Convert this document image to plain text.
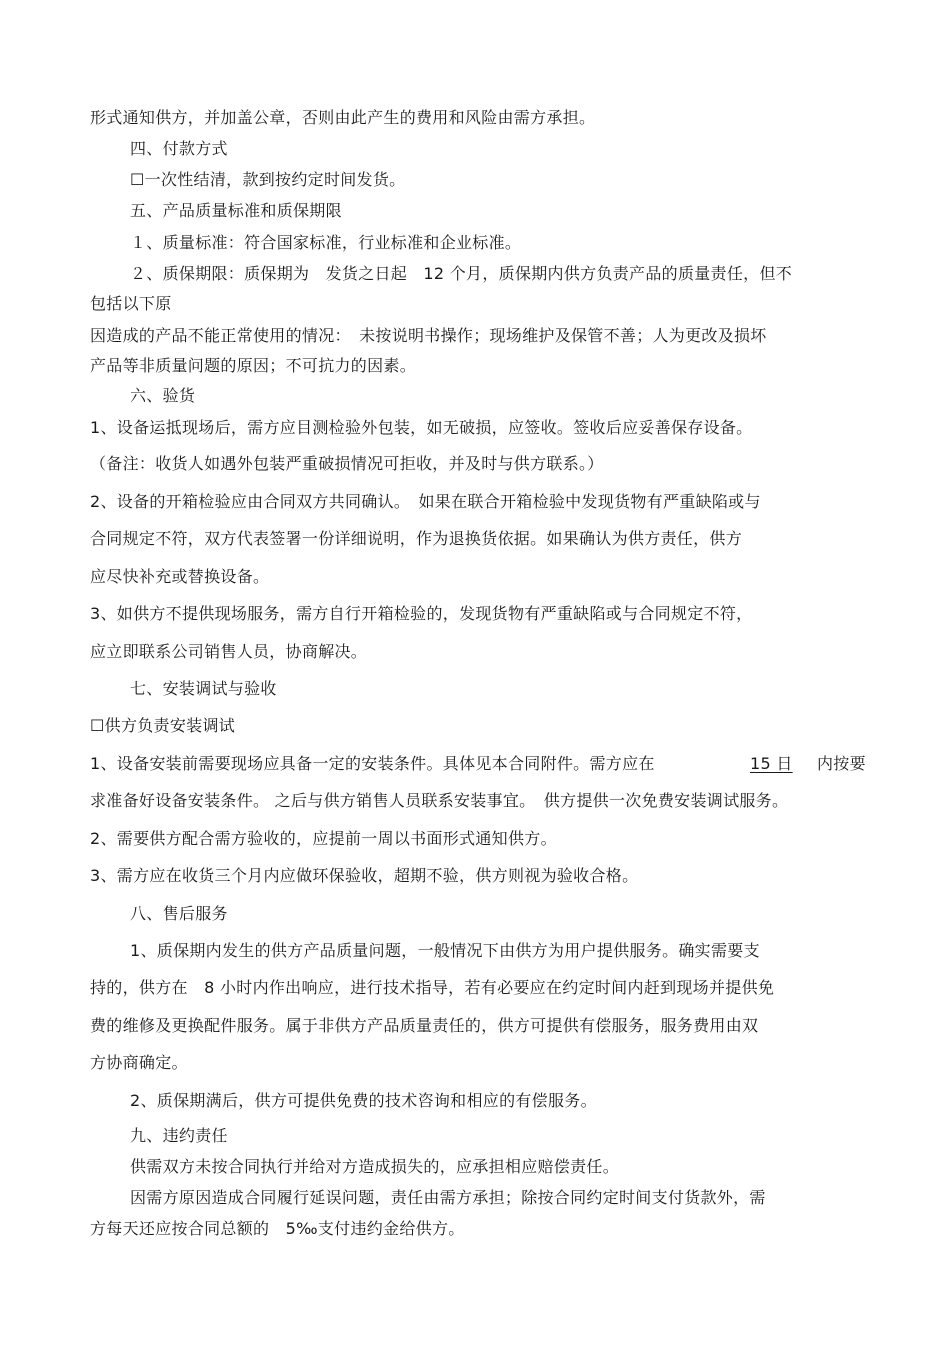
形式通知供方，并加盖公章，否则由此产生的费用和风险由需方承担。
四、付款方式
☐一次性结清，款到按约定时间发货。
五、产品质量标准和质保期限
１、质量标准：符合国家标准，行业标准和企业标准。
２、质保期限：质保期为　发货之日起　12 个月，质保期内供方负责产品的质量责任，但不
包括以下原
因造成的产品不能正常使用的情况：　未按说明书操作；现场维护及保管不善；人为更改及损坏
产品等非质量问题的原因；不可抗力的因素。
六、验货
1、设备运抵现场后，需方应目测检验外包装，如无破损，应签收。签收后应妥善保存设备。
（备注：收货人如遇外包装严重破损情况可拒收，并及时与供方联系。）
2、设备的开箱检验应由合同双方共同确认。　如果在联合开箱检验中发现货物有严重缺陷或与
合同规定不符，双方代表签署一份详细说明，作为退换货依据。如果确认为供方责任，供方
应尽快补充或替换设备。
3、如供方不提供现场服务，需方自行开箱检验的，发现货物有严重缺陷或与合同规定不符，
应立即联系公司销售人员，协商解决。
七、安装调试与验收
☐供方负责安装调试
1、设备安装前需要现场应具备一定的安装条件。具体见本合同附件。需方应在	15 日 内按要
求准备好设备安装条件。 之后与供方销售人员联系安装事宜。　供方提供一次免费安装调试服务。
2、需要供方配合需方验收的，应提前一周以书面形式通知供方。
3、需方应在收货三个月内应做环保验收，超期不验，供方则视为验收合格。
八、售后服务
1、质保期内发生的供方产品质量问题，一般情况下由供方为用户提供服务。确实需要支
持的，供方在　8 小时内作出响应，进行技术指导，若有必要应在约定时间内赶到现场并提供免
费的维修及更换配件服务。属于非供方产品质量责任的，供方可提供有偿服务，服务费用由双
方协商确定。
2、质保期满后，供方可提供免费的技术咨询和相应的有偿服务。
九、违约责任
供需双方未按合同执行并给对方造成损失的，应承担相应赔偿责任。
因需方原因造成合同履行延误问题，责任由需方承担；除按合同约定时间支付货款外，需
方每天还应按合同总额的　5‰支付违约金给供方。
